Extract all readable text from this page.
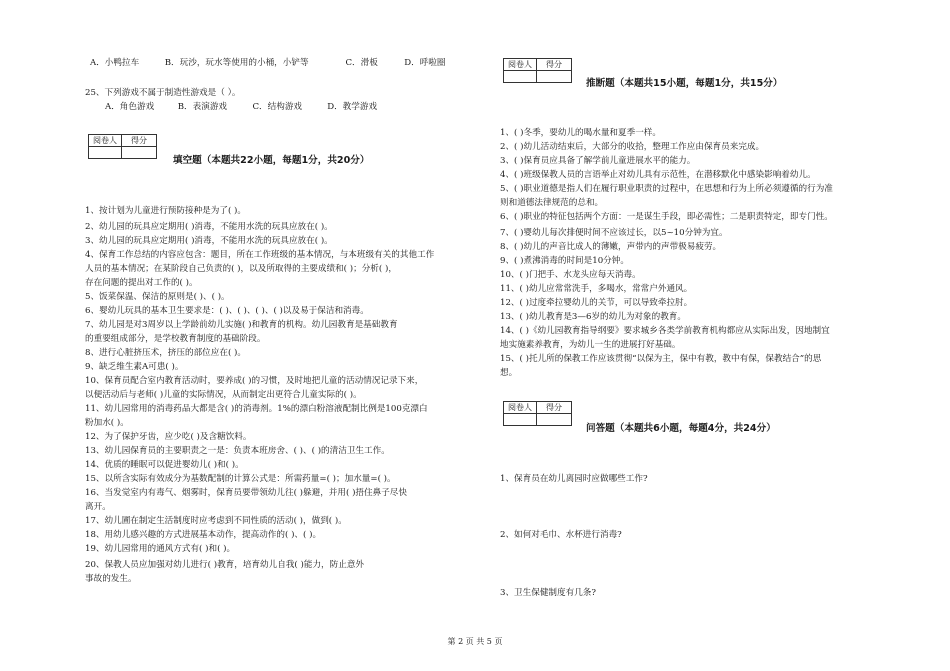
A．小鸭拉车	B．玩沙，玩水等使用的小桶，小铲等	C．滑板	D．呼啦圈
25、下列游戏不属于制造性游戏是（ ）。
A．角色游戏	B．表演游戏	C．结构游戏	D．教学游戏
阅卷人	得分

填空题（本题共22小题，每题1分，共20分）
1、按计划为儿童进行预防接种是为了( )。
2、幼儿园的玩具应定期用( )消毒，不能用水洗的玩具应放在( )。
3、幼儿园的玩具应定期用( )消毒，不能用水洗的玩具应放在( )。
4、保育工作总结的内容应包含：题目，所在工作班级的基本情况，与本班级有关的其他工作
人员的基本情况；在某阶段自己负责的( )，以及所取得的主要成绩和( )；分析( )，
存在问题的提出对工作的( )。
5、饭菜保温、保洁的原则是( )、( )。
6、婴幼儿玩具的基本卫生要求是：( )、( )、( )、( )以及易于保洁和消毒。
7、幼儿园是对3周岁以上学龄前幼儿实施( )和教育的机构。幼儿园教育是基础教育
的重要组成部分，是学校教育制度的基础阶段。
8、进行心脏挤压术，挤压的部位应在( )。
9、缺乏维生素A可患( )。
10、保育员配合室内教育活动时，要养成( )的习惯，及时地把儿童的活动情况记录下来，
以便活动后与老师( )儿童的实际情况，从而制定出更符合儿童实际的( )。
11、幼儿园常用的消毒药品大都是含( )的消毒剂。1%的漂白粉溶液配制比例是100克漂白
粉加水( )。
12、为了保护牙齿，应少吃( )及含糖饮料。
13、幼儿园保育员的主要职责之一是：负责本班房舍、( )、( )的清洁卫生工作。
14、优质的睡眠可以促进婴幼儿( )和( )。
15、以所含实际有效成分为基数配制的计算公式是：所需药量=( )；加水量=( )。
16、当发觉室内有毒气、烟雾时，保育员要带领幼儿往( )躲避，并用( )捂住鼻子尽快
离开。
17、幼儿圃在制定生活制度时应考虑到不同性质的活动( )，做到( )。
18、用幼儿感兴趣的方式进展基本动作，提高动作的( )、( )。
19、幼儿园常用的通风方式有( )和( )。
20、保教人员应加强对幼儿进行( )教育，培育幼儿自我( )能力，防止意外
事故的发生。
阅卷人	得分

推断题（本题共15小题，每题1分，共15分）
1、( )冬季，要幼儿的喝水量和夏季一样。
2、( )幼儿活动结束后，大部分的收拾，整理工作应由保育员来完成。
3、( )保育员应具备了解学前儿童进展水平的能力。
4、( )班级保教人员的言语举止对幼儿具有示范性，在潜移默化中感染影响着幼儿。
5、( )职业道德是指人们在履行职业职责的过程中，在思想和行为上所必须遵循的行为准
则和道德法律规范的总和。
6、( )职业的特征包括两个方面：一是谋生手段，即必需性；二是职责特定，即专门性。
7、( )婴幼儿每次排便时间不应该过长，以5~10分钟为宜。
8、( )幼儿的声音比成人的薄嫩，声带内的声带极易疲劳。
9、( )煮沸消毒的时间是10分钟。
10、( )门把手、水龙头应每天消毒。
11、( )幼儿应常常洗手，多喝水，常常户外通风。
12、( )过度牵拉婴幼儿的关节，可以导致牵拉肘。
13、( )幼儿教育是3—6岁的幼儿为对象的教育。
14、( )《幼儿园教育指导纲要》要求城乡各类学前教育机构都应从实际出发，因地制宜
地实施素养教育，为幼儿一生的进展打好基础。
15、( )托儿所的保教工作应该贯彻“以保为主，保中有教，教中有保，保教结合”的思
想。
阅卷人	得分

问答题（本题共6小题，每题4分，共24分）
1、保育员在幼儿离园时应做哪些工作?
2、如何对毛巾、水杯进行消毒?
3、卫生保健制度有几条?
第 2 页 共 5 页
